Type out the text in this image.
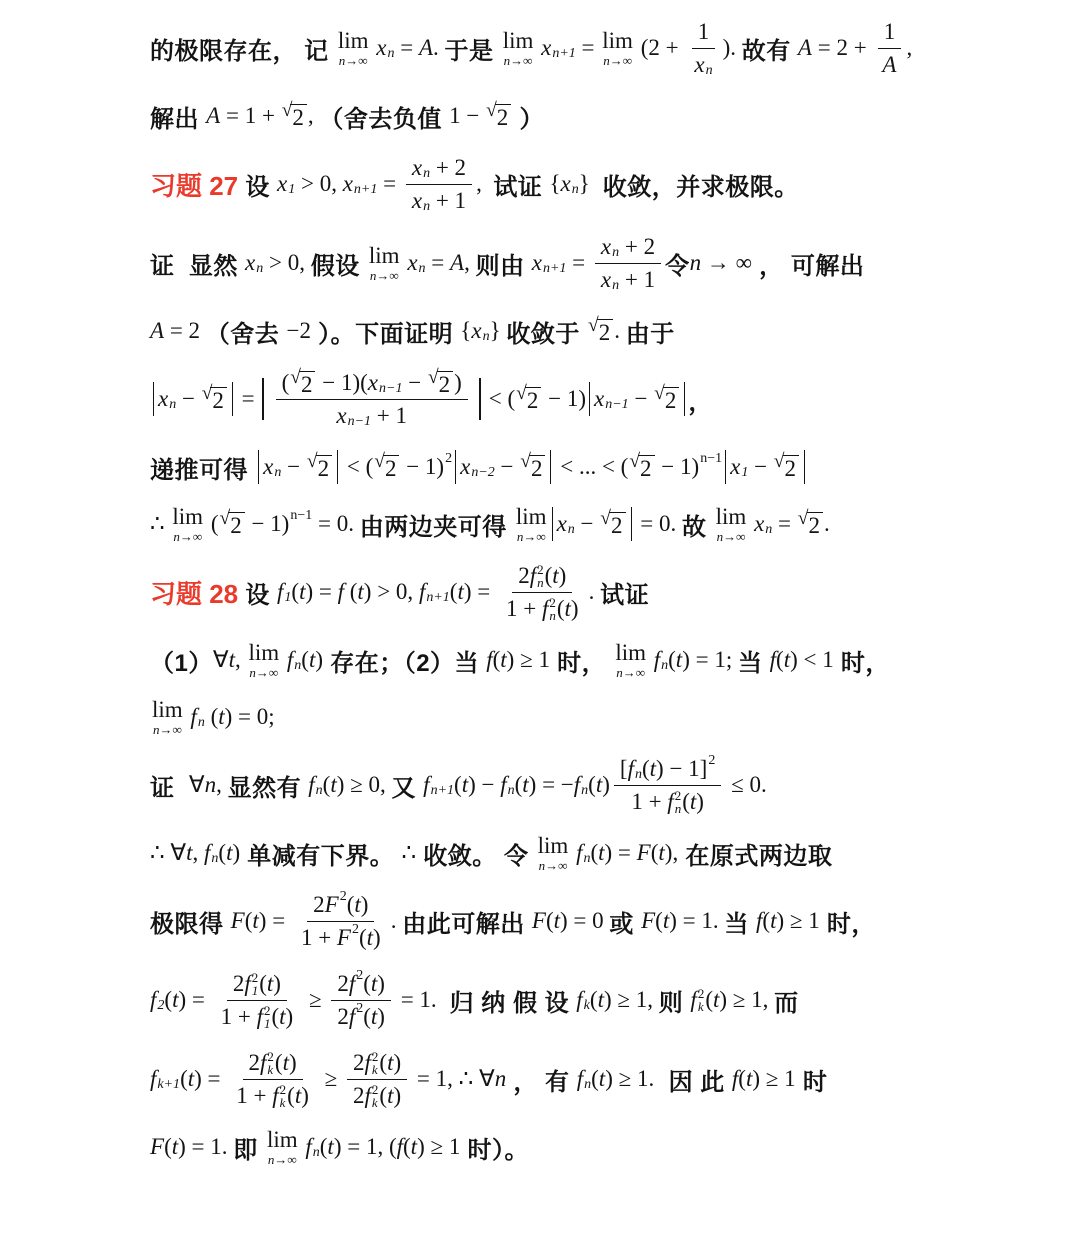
的极限存在， 记 lim
n→∞
x n = A . 于是 lim
n→∞
x n+1 = lim
n→∞
($2 + \frac{1}{\text{x n}}$ ). 故有 $A = 2 + \frac{1}{A}$ ,
解出 A = 1 + √ 2 , （舍去负值 1 − √ 2 ）
习题 27 设 x 1 > 0, x $n+1 = \frac{\text{x n + 2}}{\text{x n + 1}}$ , 试证 { x n } 收敛，并求极限。
证  显然 x n > 0, 假设 lim
n→∞
x n = A , 则由 x $n+1 = \frac{\text{x n + 2}}{\text{x n + 1}}$ 令 n → ∞ ， 可解出
A = 2 （舍去 −2 ）。下面证明 { x n } 收敛于 √ 2 . 由于
x n − √ $2 = \frac{\text{( √ 2 − 1)( x n−1 − √ 2 )}}{\text{x n−1 + 1}}$ < ( √ 2 − 1) x n−1 − √ 2 ，
递推可得 x n − √ 2 < ( √ 2 − 1) 2 x n−2 − √ 2 < ... < ( √ 2 − 1) n−1 x 1 − √ 2
∴ lim
n→∞
( √ 2 − 1) n−1 = 0. 由两边夹可得 lim
n→∞
x n − √ 2 = 0. 故 lim
n→∞
x n = √ 2 .
习题 28 设 f 1 ( t ) = f ( t ) > 0, f n+1 ( t ) = 2 f 2
n ( t )
1 + f 2
n ( t ) . 试证
（1） ∀ t , lim
n→∞
f n ( t ) 存在；（2）当 f ( t ) ≥ 1 时， lim
n→∞
f n ( t ) = 1; 当 f ( t ) < 1 时，
lim
n→∞
f n ( t ) = 0;
证 ∀ n , 显然有 f n ( t ) ≥ 0, 又 f n+1 ( t ) − f n ( t ) = − f n ( t ) [ f n ( t ) − 1] 2
1 + f 2
n ( t ) ≤ 0.
∴ ∀ t , f n ( t ) 单减有下界。 ∴ 收敛。 令 lim
n→∞
f n ( t ) = F ( t ), 在原式两边取
极限得 F ( t ) = $\frac{2 F 2 ( t )}{1 + F 2 ( t )}$ . 由此可解出 F ( t ) = 0 或 F ( t ) = 1. 当 f ( t ) ≥ 1 时，
f 2 ( t ) = 2 f 2
1 ( t )
1 + f 2
1 ( t ) ≥ $\frac{2 f 2 ( t )}{2 f 2 ( t )} = 1$. 归 纳 假 设 f k ( t ) ≥ 1, 则 f 2
k ( t ) ≥ 1, 而
f k+1 ( t ) = 2 f 2
k ( t )
1 + f 2
k ( t ) ≥ 2 f 2
k ( t )
2 f 2
k ( t ) = 1, ∴ ∀ n ， 有 f n ( t ) ≥ 1. 因 此 f ( t ) ≥ 1 时
F ( t ) = 1. 即 lim
n→∞
f n ( t ) = 1, ( f ( t ) ≥ 1 时）。
